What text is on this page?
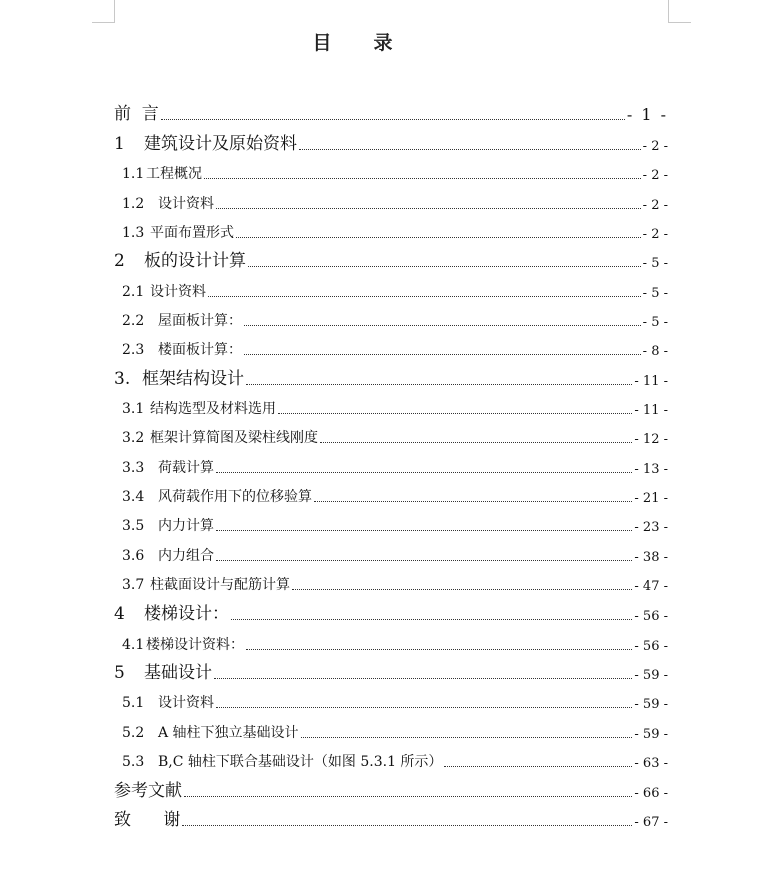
目 录
前  言	- 1 -
1 建筑设计及原始资料	- 2 -
1.1 工程概况	- 2 -
1.2 设计资料	- 2 -
1.3 平面布置形式	- 2 -
2 板的设计计算	- 5 -
2.1 设计资料	- 5 -
2.2 屋面板计算：	- 5 -
2.3 楼面板计算：	- 8 -
3. 框架结构设计	- 11 -
3.1 结构选型及材料选用	- 11 -
3.2 框架计算简图及梁柱线刚度	- 12 -
3.3 荷载计算	- 13 -
3.4 风荷载作用下的位移验算	- 21 -
3.5 内力计算	- 23 -
3.6 内力组合	- 38 -
3.7 柱截面设计与配筋计算	- 47 -
4 楼梯设计：	- 56 -
4.1 楼梯设计资料：	- 56 -
5 基础设计	- 59 -
5.1 设计资料	- 59 -
5.2 A 轴柱下独立基础设计	- 59 -
5.3 B,C 轴柱下联合基础设计（如图 5.3.1 所示）	- 63 -
参考文献	- 66 -
致      谢	- 67 -
